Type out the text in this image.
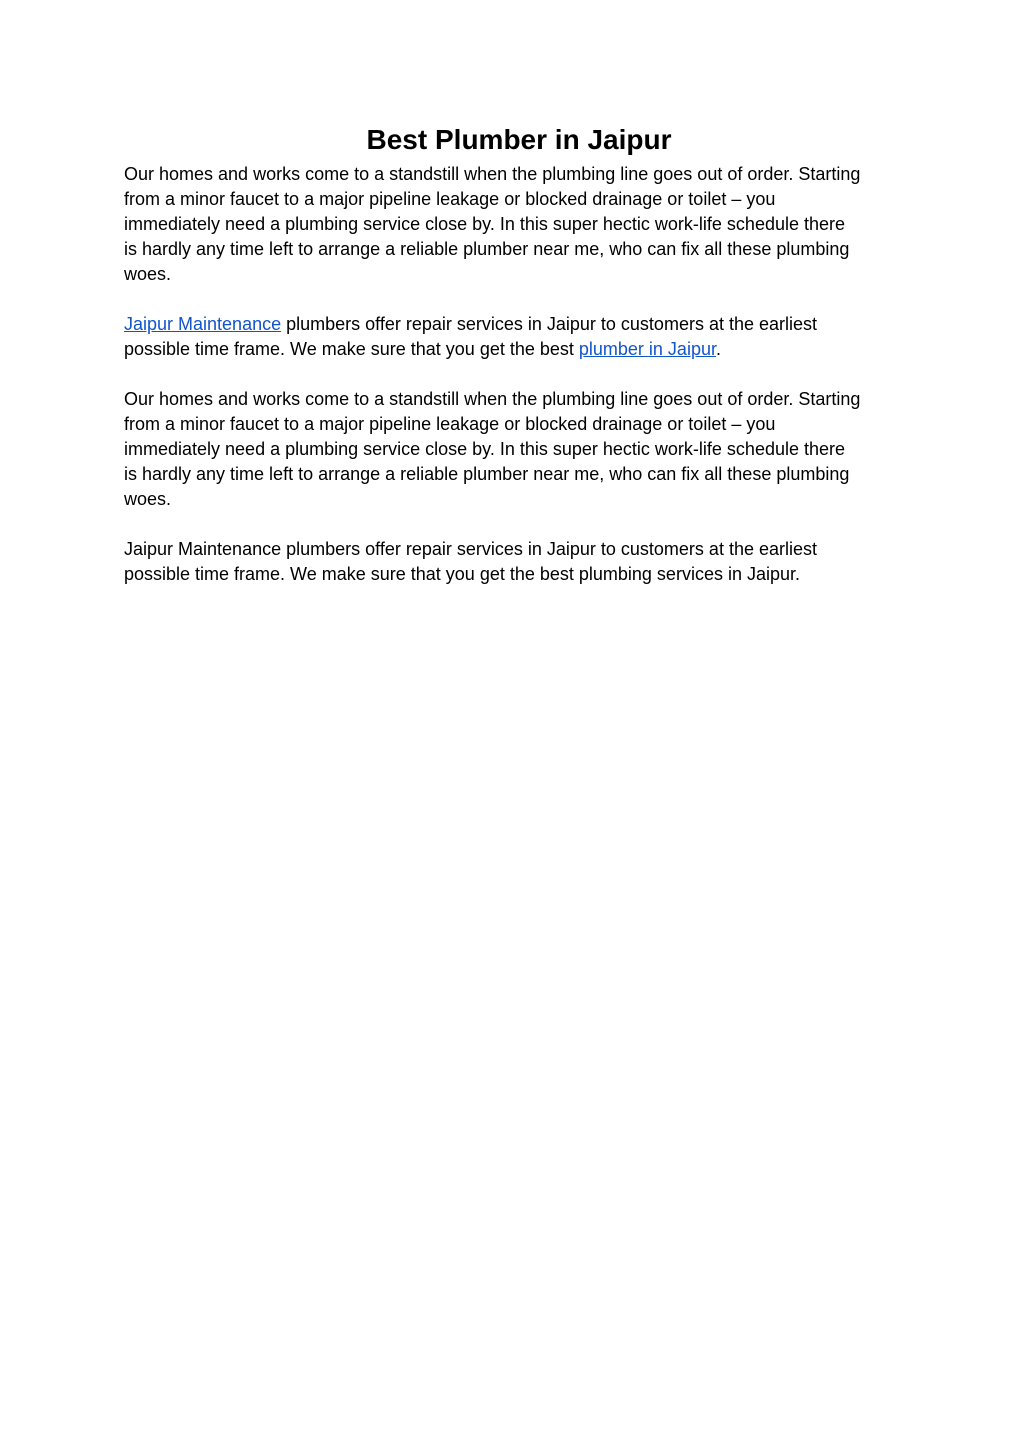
Best Plumber in Jaipur

Our homes and works come to a standstill when the plumbing line goes out of order. Starting
from a minor faucet to a major pipeline leakage or blocked drainage or toilet – you
immediately need a plumbing service close by. In this super hectic work-life schedule there
is hardly any time left to arrange a reliable plumber near me, who can fix all these plumbing
woes.

Jaipur Maintenance plumbers offer repair services in Jaipur to customers at the earliest
possible time frame. We make sure that you get the best plumber in Jaipur.

Our homes and works come to a standstill when the plumbing line goes out of order. Starting
from a minor faucet to a major pipeline leakage or blocked drainage or toilet – you
immediately need a plumbing service close by. In this super hectic work-life schedule there
is hardly any time left to arrange a reliable plumber near me, who can fix all these plumbing
woes.

Jaipur Maintenance plumbers offer repair services in Jaipur to customers at the earliest
possible time frame. We make sure that you get the best plumbing services in Jaipur.
